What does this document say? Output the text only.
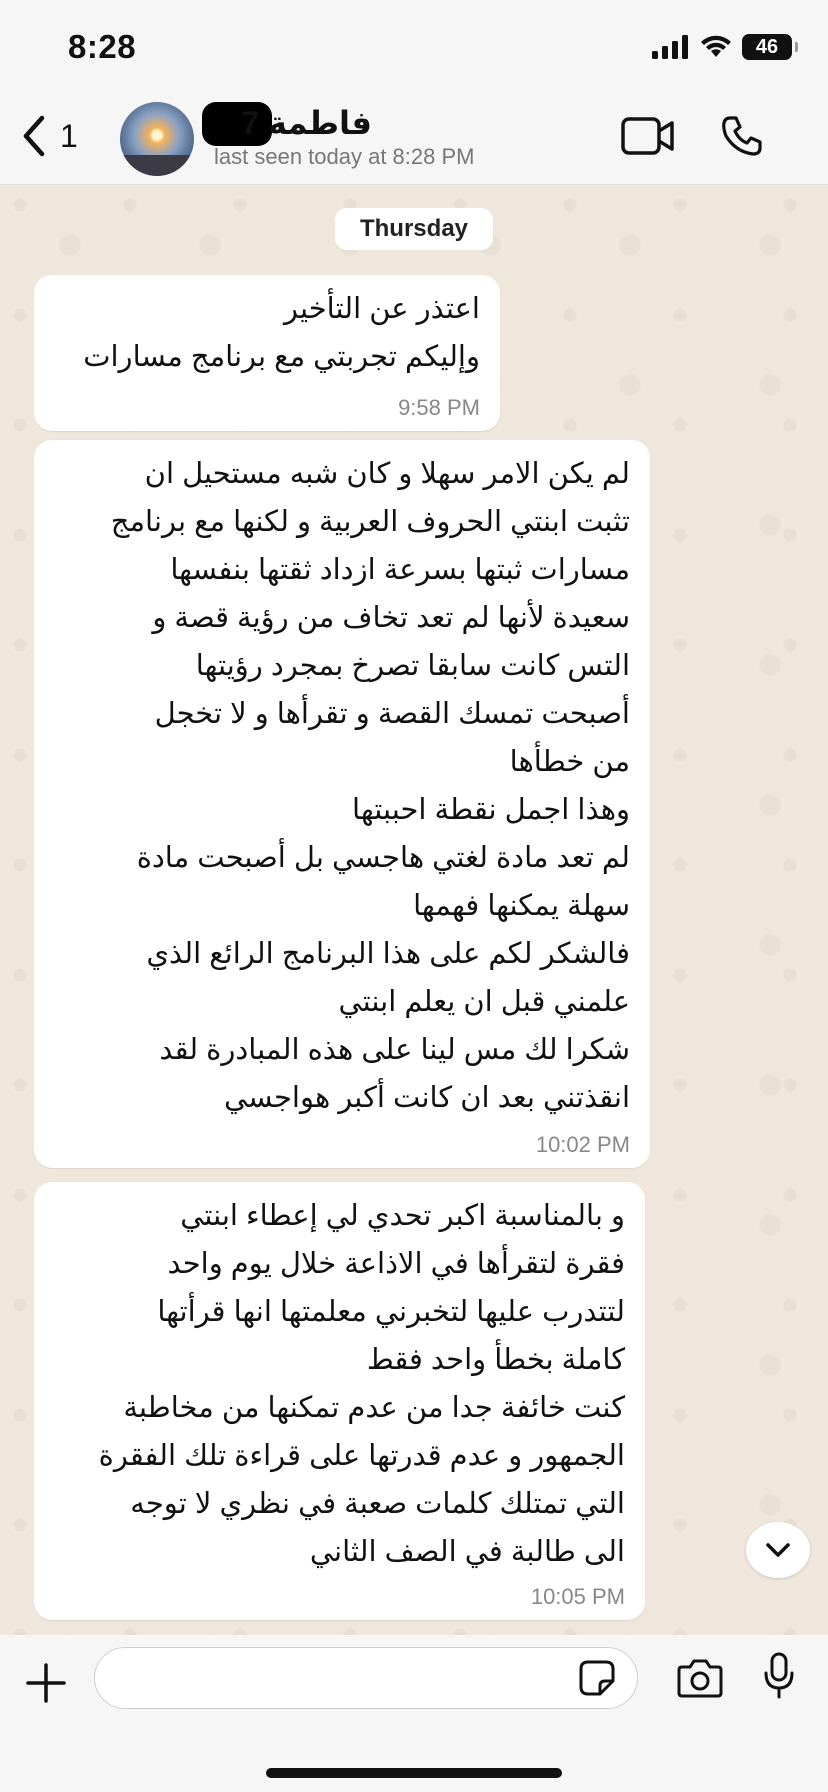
8:28	46
1	فاطمة 7
last seen today at 8:28 PM
Thursday
اعتذر عن التأخير
وإليكم تجربتي مع برنامج مسارات
9:58 PM
لم يكن الامر سهلا و كان شبه مستحيل ان
تثبت ابنتي الحروف العربية و لكنها مع برنامج
مسارات ثبتها بسرعة ازداد ثقتها بنفسها
سعيدة لأنها لم تعد تخاف من رؤية قصة و
التس كانت سابقا تصرخ بمجرد رؤيتها
أصبحت تمسك القصة و تقرأها و لا تخجل
من خطأها
وهذا اجمل نقطة احببتها
لم تعد مادة لغتي هاجسي بل أصبحت مادة
سهلة يمكنها فهمها
فالشكر لكم على هذا البرنامج الرائع الذي
علمني قبل ان يعلم ابنتي
شكرا لك مس لينا على هذه المبادرة لقد
انقذتني بعد ان كانت أكبر هواجسي
10:02 PM
و بالمناسبة اكبر تحدي لي إعطاء ابنتي
فقرة لتقرأها في الاذاعة خلال يوم واحد
لتتدرب عليها لتخبرني معلمتها انها قرأتها
كاملة بخطأ واحد فقط
كنت خائفة جدا من عدم تمكنها من مخاطبة
الجمهور و عدم قدرتها على قراءة تلك الفقرة
التي تمتلك كلمات صعبة في نظري لا توجه
الى طالبة في الصف الثاني
10:05 PM
